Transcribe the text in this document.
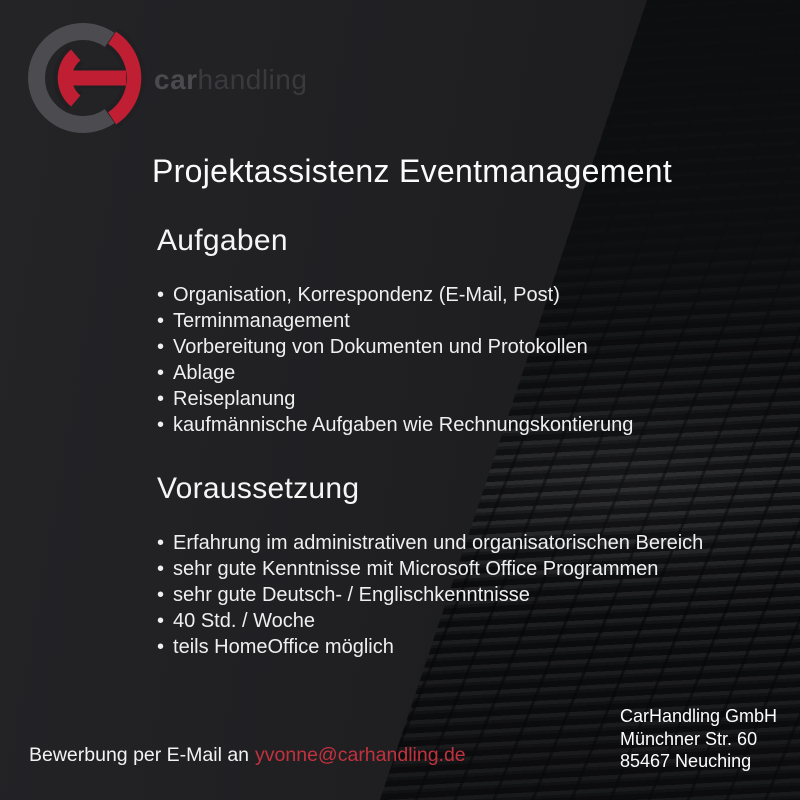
carhandling
Projektassistenz Eventmanagement
Aufgaben
• Organisation, Korrespondenz (E-Mail, Post)
• Terminmanagement
• Vorbereitung von Dokumenten und Protokollen
• Ablage
• Reiseplanung
• kaufmännische Aufgaben wie Rechnungskontierung
Voraussetzung
• Erfahrung im administrativen und organisatorischen Bereich
• sehr gute Kenntnisse mit Microsoft Office Programmen
• sehr gute Deutsch- / Englischkenntnisse
• 40 Std. / Woche
• teils HomeOffice möglich
Bewerbung per E-Mail an yvonne@carhandling.de
CarHandling GmbH
Münchner Str. 60
85467 Neuching
